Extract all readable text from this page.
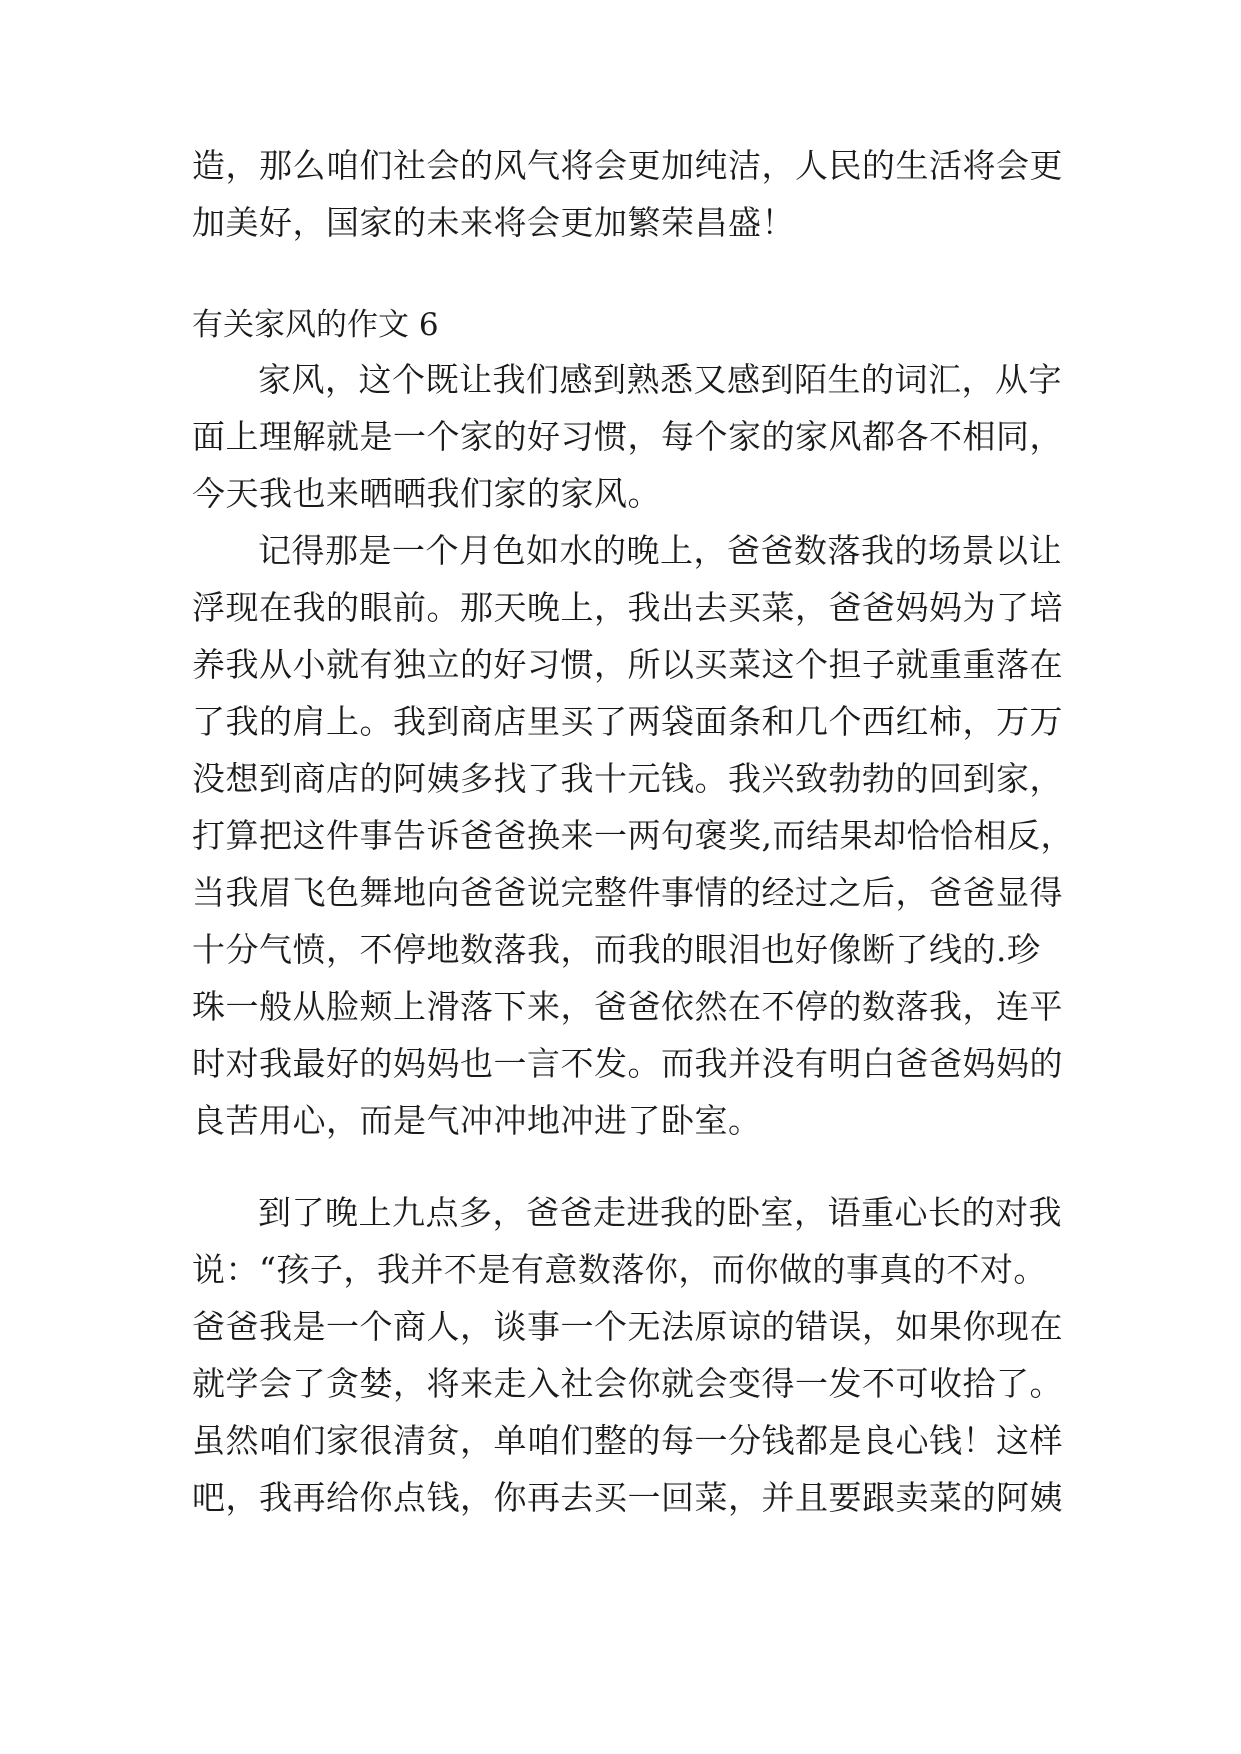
造，那么咱们社会的风气将会更加纯洁，人民的生活将会更
加美好，国家的未来将会更加繁荣昌盛！
有关家风的作文 6
家风，这个既让我们感到熟悉又感到陌生的词汇，从字
面上理解就是一个家的好习惯，每个家的家风都各不相同，
今天我也来晒晒我们家的家风。
记得那是一个月色如水的晚上，爸爸数落我的场景以让
浮现在我的眼前。那天晚上，我出去买菜，爸爸妈妈为了培
养我从小就有独立的好习惯，所以买菜这个担子就重重落在
了我的肩上。我到商店里买了两袋面条和几个西红柿，万万
没想到商店的阿姨多找了我十元钱。我兴致勃勃的回到家，
打算把这件事告诉爸爸换来一两句褒奖,而结果却恰恰相反，
当我眉飞色舞地向爸爸说完整件事情的经过之后，爸爸显得
十分气愤，不停地数落我，而我的眼泪也好像断了线的.珍
珠一般从脸颊上滑落下来，爸爸依然在不停的数落我，连平
时对我最好的妈妈也一言不发。而我并没有明白爸爸妈妈的
良苦用心，而是气冲冲地冲进了卧室。
到了晚上九点多，爸爸走进我的卧室，语重心长的对我
说：“孩子，我并不是有意数落你，而你做的事真的不对。
爸爸我是一个商人，谈事一个无法原谅的错误，如果你现在
就学会了贪婪，将来走入社会你就会变得一发不可收拾了。
虽然咱们家很清贫，单咱们整的每一分钱都是良心钱！这样
吧，我再给你点钱，你再去买一回菜，并且要跟卖菜的阿姨
